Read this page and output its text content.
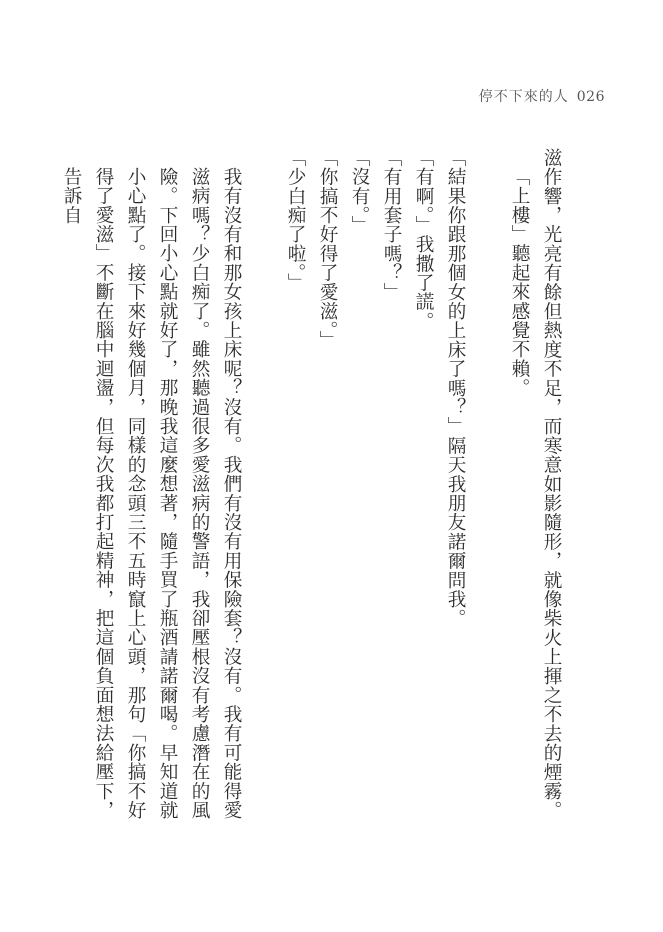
停不下來的人 026

滋作響，光亮有餘但熱度不足，而寒意如影隨形，就像柴火上揮之不去的煙霧。

「上樓」聽起來感覺不賴。

「結果你跟那個女的上床了嗎？」隔天我朋友諾爾問我。

「有啊。」我撒了謊。

「有用套子嗎？」

「沒有。」

「你搞不好得了愛滋。」

「少白痴了啦。」

我有沒有和那女孩上床呢？沒有。我們有沒有用保險套？沒有。我有可能得愛滋病嗎？少白痴了。雖然聽過很多愛滋病的警語，我卻壓根沒有考慮潛在的風險。下回小心點就好了，那晚我這麼想著，隨手買了瓶酒請諾爾喝。早知道就小心點了。接下來好幾個月，同樣的念頭三不五時竄上心頭，那句「你搞不好得了愛滋」不斷在腦中迴盪，但每次我都打起精神，把這個負面想法給壓下，告訴自
